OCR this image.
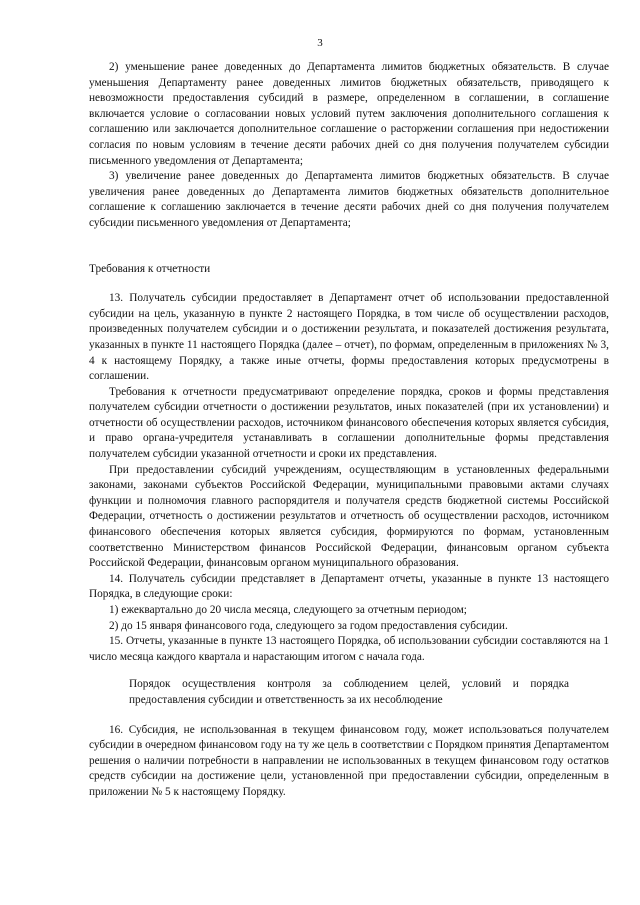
3

2) уменьшение ранее доведенных до Департамента лимитов бюджетных обязательств. В случае уменьшения Департаменту ранее доведенных лимитов бюджетных обязательств, приводящего к невозможности предоставления субсидий в размере, определенном в соглашении, в соглашение включается условие о согласовании новых условий путем заключения дополнительного соглашения к соглашению или заключается дополнительное соглашение о расторжении соглашения при недостижении согласия по новым условиям в течение десяти рабочих дней со дня получения получателем субсидии письменного уведомления от Департамента;

3) увеличение ранее доведенных до Департамента лимитов бюджетных обязательств. В случае увеличения ранее доведенных до Департамента лимитов бюджетных обязательств дополнительное соглашение к соглашению заключается в течение десяти рабочих дней со дня получения получателем субсидии письменного уведомления от Департамента;

Требования к отчетности

13. Получатель субсидии предоставляет в Департамент отчет об использовании предоставленной субсидии на цель, указанную в пункте 2 настоящего Порядка, в том числе об осуществлении расходов, произведенных получателем субсидии и о достижении результата, и показателей достижения результата, указанных в пункте 11 настоящего Порядка (далее – отчет), по формам, определенным в приложениях № 3, 4 к настоящему Порядку, а также иные отчеты, формы предоставления которых предусмотрены в соглашении.

Требования к отчетности предусматривают определение порядка, сроков и формы представления получателем субсидии отчетности о достижении результатов, иных показателей (при их установлении) и отчетности об осуществлении расходов, источником финансового обеспечения которых является субсидия, и право органа-учредителя устанавливать в соглашении дополнительные формы представления получателем субсидии указанной отчетности и сроки их представления.

При предоставлении субсидий учреждениям, осуществляющим в установленных федеральными законами, законами субъектов Российской Федерации, муниципальными правовыми актами случаях функции и полномочия главного распорядителя и получателя средств бюджетной системы Российской Федерации, отчетность о достижении результатов и отчетность об осуществлении расходов, источником финансового обеспечения которых является субсидия, формируются по формам, установленным соответственно Министерством финансов Российской Федерации, финансовым органом субъекта Российской Федерации, финансовым органом муниципального образования.

14. Получатель субсидии представляет в Департамент отчеты, указанные в пункте 13 настоящего Порядка, в следующие сроки:

1) ежеквартально до 20 числа месяца, следующего за отчетным периодом;

2) до 15 января финансового года, следующего за годом предоставления субсидии.

15. Отчеты, указанные в пункте 13 настоящего Порядка, об использовании субсидии составляются на 1 число месяца каждого квартала и нарастающим итогом с начала года.

Порядок осуществления контроля за соблюдением целей, условий и порядка предоставления субсидии и ответственность за их несоблюдение

16. Субсидия, не использованная в текущем финансовом году, может использоваться получателем субсидии в очередном финансовом году на ту же цель в соответствии с Порядком принятия Департаментом решения о наличии потребности в направлении не использованных в текущем финансовом году остатков средств субсидии на достижение цели, установленной при предоставлении субсидии, определенным в приложении № 5 к настоящему Порядку.
